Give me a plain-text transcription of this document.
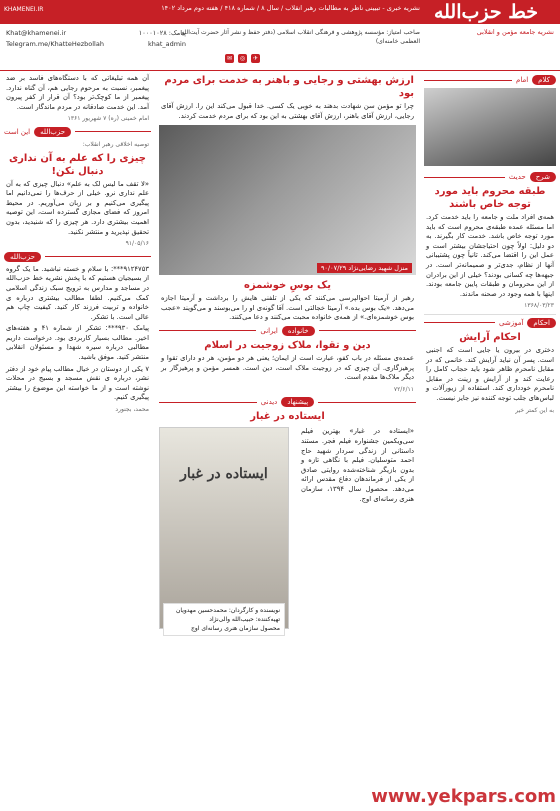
خط حزب‌الله
نشریه خبری - تبیینی ناظر به مطالبات رهبر انقلاب / سال ۸ / شماره ۴۱۸ / هفته دوم مرداد ۱۴۰۲
KHAMENEI.IR
نشریه جامعه مؤمن و انقلابی
صاحب امتیاز: مؤسسه پژوهشی و فرهنگی انقلاب اسلامی (دفتر حفظ و نشر آثار حضرت آیت‌الله العظمی خامنه‌ای)
Khat@khamenei.ir	پیامک: ۱۰۰۰۱۰۲۸
Telegram.me/KhatteHezbollah	khat_admin
✈
◎
✉
کلام
امام
شرح
حدیث
طبقه محروم باید مورد توجه خاص باشند

همه‌ی افراد ملت و جامعه را باید خدمت کرد. اما مسئله عمده طبقه‌ی محروم است که باید مورد توجه خاص باشد. خدمت کار بگیرند. به دو دلیل: اولاً چون احتیاجشان بیشتر است و عمل این را اقتضا می‌کند. ثانیاً چون پشتیبانی آنها از نظام، جدی‌تر و صمیمانه‌تر است. در جبهه‌ها چه کسانی بودند؟ خیلی از این برادران از این محرومان و طبقات پایین جامعه بودند. اینها با همه وجود در صحنه ماندند.

۱۳۶۸/۰۳/۲۳

احکام
آموزشی
احکام آرایش

دختری در بیرون یا جایی است که اجنبی است. پسر آن نباید آرایش کند. خانمی که در مقابل نامحرم ظاهر شود باید حجاب کامل را رعایت کند و از آرایش و زینت در مقابل نامحرم خودداری کند. استفاده از زیورآلات و لباس‌های جلب توجه کننده نیز جایز نیست.

به این کمتر خیر

ارزش بهشتی و رجایی و باهنر به خدمت برای مردم بود

چرا تو مؤمن سن شهادت بدهند به خوبی یک کسی. خدا قبول می‌کند این را. ارزش آقای رجایی، ارزش آقای باهنر، ارزش آقای بهشتی به این بود که برای مردم خدمت کردند.

منزل شهید رضایی‌نژاد ۹۰/۰۷/۲۹
یک بوسِ خوشمزه

رهبر از آرمیتا احوالپرسی می‌کنند که یکی از تلفنی هایش را برداشت و آرمیتا اجازه می‌دهد. «یک بوس بده.» آرمیتا خجالتی است. آقا گونه‌ی او را می‌بوسند و می‌گویند «عجب بوس خوشمزه‌ای.» از همه‌ی خانواده محبت می‌کنند و دعا می‌کنند.

خانواده
ایرانی
دین و تقوا، ملاک زوجیت در اسلام

عمده‌ی مسئله در باب کفو، عبارت است از ایمان؛ یعنی هر دو مؤمن، هر دو دارای تقوا و پرهیزگاری. آن چیزی که در زوجیت ملاک است، دین است. همسر مؤمن و پرهیزگار بر دیگر ملاک‌ها مقدم است.

۷۲/۶/۱۱

پیشنهاد
دیدنی
ایستاده در غبار

«ایستاده در غبار» بهترین فیلم سی‌ویکمین جشنواره فیلم فجر. مستند داستانی از زندگی سردار شهید حاج احمد متوسلیان. فیلم با نگاهی تازه و بدون بازیگر شناخته‌شده روایتی صادق از یکی از فرماندهان دفاع مقدس ارائه می‌دهد. محصول سال ۱۳۹۴، سازمان هنری رسانه‌ای اوج.

ایستاده در غبار
نویسنده و کارگردان: محمدحسین مهدویان
تهیه‌کننده: حبیب‌الله والی‌نژاد
محصول سازمان هنری رسانه‌ای اوج

آن همه تبلیغاتی که با دستگاه‌های فاسد بر ضد پیغمبر، نسبت به مرحوم رجایی هم، آن گناه ندارد. پیغمبر از ما کوچک‌تر بود؟ آن قرار از کفر پیرون آمد. این خدمت صادقانه در مردم ماندگار است.

امام خمینی (ره) ۷ شهریور ۱۳۶۱

حزب‌الله
این است

توصیه اخلاقی رهبر انقلاب:

چیزی را که علم به آن نداری دنبال نکن!

«لا تقف ما لیس لک به علم» دنبال چیزی که به آن علم نداری نرو. خیلی از حرف‌ها را نمی‌دانیم اما پیگیری می‌کنیم و بر زبان می‌آوریم. در محیط امروز که فضای مجازی گسترده است، این توصیه اهمیت بیشتری دارد. هر چیزی را که شنیدید، بدون تحقیق نپذیرید و منتشر نکنید.

۹۱/۰۵/۱۶

حزب‌الله

۹۱۲۴۷۵۳***: با سلام و خسته نباشید. ما یک گروه از بسیجیان هستیم که با پخش نشریه خط حزب‌الله در مساجد و مدارس به ترویج سبک زندگی اسلامی کمک می‌کنیم. لطفا مطالب بیشتری درباره ی خانواده و تربیت فرزند کار کنید. کیفیت چاپ هم عالی است. با تشکر.

پیامک ۹۳۰***: تشکر از شماره ۴۱ و هفته‌های اخیر. مطالب بسیار کاربردی بود. درخواست داریم مطالبی درباره سیره شهدا و مسئولان انقلابی منتشر کنید. موفق باشید.

۷ یکی از دوستان در خیال مطالب پیام خود از دفتر نشر، درباره ی نقش مسجد و بسیج در محلات نوشته است و از ما خواسته این موضوع را بیشتر پیگیری کنیم.

محمد، بجنورد

www.yekpars.com
